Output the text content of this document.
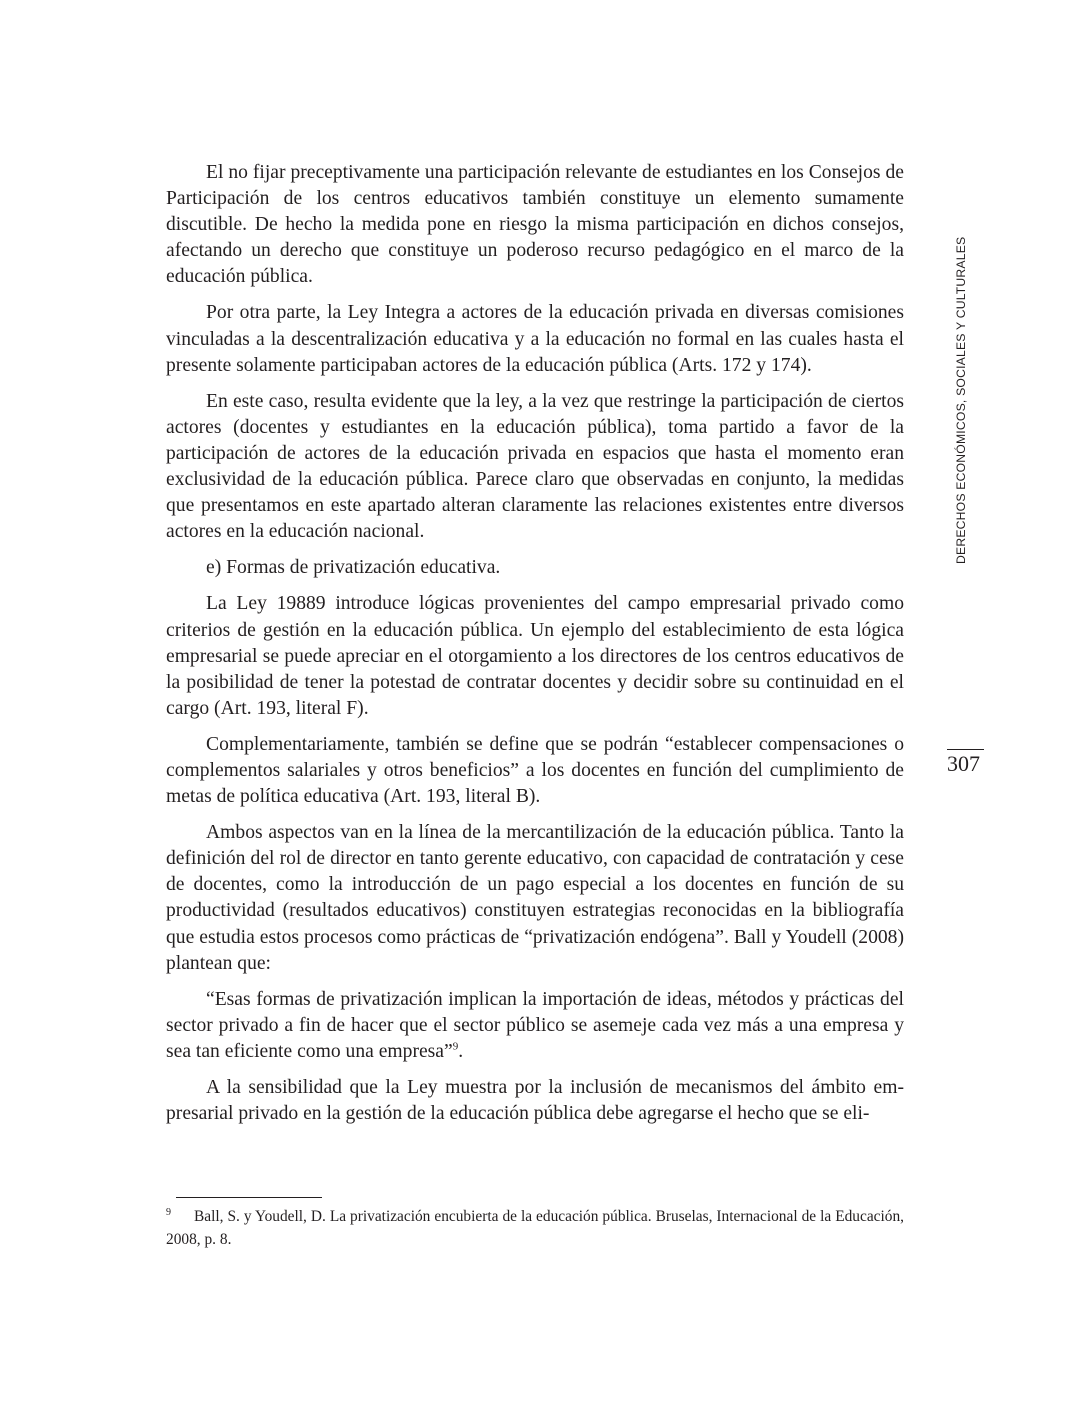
El no fijar preceptivamente una participación relevante de estudiantes en los Consejos de Participación de los centros educativos también constituye un elemento sumamente discutible. De hecho la medida pone en riesgo la misma participación en dichos consejos, afectando un derecho que constituye un poderoso recurso pedagógico en el marco de la educación pública.

Por otra parte, la Ley Integra a actores de la educación privada en diversas comisiones vinculadas a la descentralización educativa y a la educación no formal en las cuales hasta el presente solamente participaban actores de la educación pública (Arts. 172 y 174).

En este caso, resulta evidente que la ley, a la vez que restringe la participación de ciertos actores (docentes y estudiantes en la educación pública), toma partido a favor de la participación de actores de la educación privada en espacios que hasta el momento eran exclusividad de la educación pública. Parece claro que observadas en conjunto, la medidas que presentamos en este apartado alteran claramente las relaciones existentes entre diversos actores en la educación nacional.

e) Formas de privatización educativa.

La Ley 19889 introduce lógicas provenientes del campo empresarial privado como criterios de gestión en la educación pública. Un ejemplo del establecimiento de esta lógica empresarial se puede apreciar en el otorgamiento a los directores de los centros educativos de la posibilidad de tener la potestad de contratar docentes y decidir sobre su continuidad en el cargo (Art. 193, literal F).

Complementariamente, también se define que se podrán “establecer compensaciones o complementos salariales y otros beneficios” a los docentes en función del cumplimiento de metas de política educativa (Art. 193, literal B).

Ambos aspectos van en la línea de la mercantilización de la educación pública. Tanto la definición del rol de director en tanto gerente educativo, con capacidad de contratación y cese de docentes, como la introducción de un pago especial a los docentes en función de su productividad (resultados educativos) constituyen estrategias reconocidas en la bibliografía que estudia estos procesos como prácticas de “privatización endógena”. Ball y Youdell (2008) plantean que:

“Esas formas de privatización implican la importación de ideas, métodos y prácticas del sector privado a fin de hacer que el sector público se asemeje cada vez más a una empresa y sea tan eficiente como una empresa”$^9$.

A la sensibilidad que la Ley muestra por la inclusión de mecanismos del ámbito empresarial privado en la gestión de la educación pública debe agregarse el hecho que se eli-

9 Ball, S. y Youdell, D. La privatización encubierta de la educación pública. Bruselas, Internacional de la Educación, 2008, p. 8.
DERECHOS ECONÓMICOS, SOCIALES Y CULTURALES
307
